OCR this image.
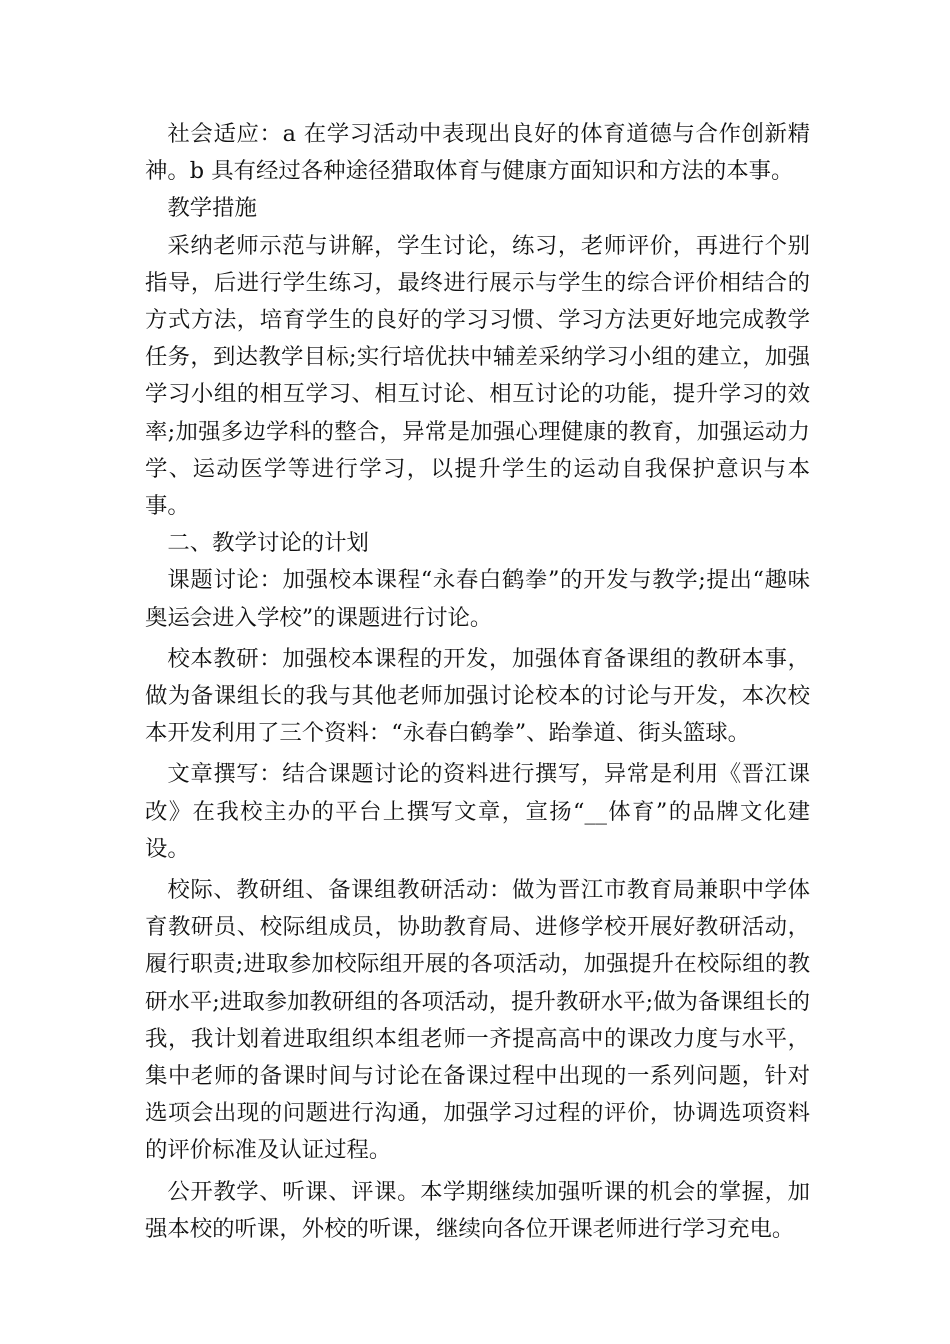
社会适应：a 在学习活动中表现出良好的体育道德与合作创新精神。b 具有经过各种途径猎取体育与健康方面知识和方法的本事。

教学措施

采纳老师示范与讲解，学生讨论，练习，老师评价，再进行个别指导，后进行学生练习，最终进行展示与学生的综合评价相结合的方式方法，培育学生的良好的学习习惯、学习方法更好地完成教学任务，到达教学目标;实行培优扶中辅差采纳学习小组的建立，加强学习小组的相互学习、相互讨论、相互讨论的功能，提升学习的效率;加强多边学科的整合，异常是加强心理健康的教育，加强运动力学、运动医学等进行学习，以提升学生的运动自我保护意识与本事。

二、教学讨论的计划

课题讨论：加强校本课程“永春白鹤拳”的开发与教学;提出“趣味奥运会进入学校”的课题进行讨论。

校本教研：加强校本课程的开发，加强体育备课组的教研本事，做为备课组长的我与其他老师加强讨论校本的讨论与开发，本次校本开发利用了三个资料：“永春白鹤拳”、跆拳道、街头篮球。

文章撰写：结合课题讨论的资料进行撰写，异常是利用《晋江课改》在我校主办的平台上撰写文章，宣扬“__体育”的品牌文化建设。

校际、教研组、备课组教研活动：做为晋江市教育局兼职中学体育教研员、校际组成员，协助教育局、进修学校开展好教研活动，履行职责;进取参加校际组开展的各项活动，加强提升在校际组的教研水平;进取参加教研组的各项活动，提升教研水平;做为备课组长的我，我计划着进取组织本组老师一齐提高高中的课改力度与水平，集中老师的备课时间与讨论在备课过程中出现的一系列问题，针对选项会出现的问题进行沟通，加强学习过程的评价，协调选项资料的评价标准及认证过程。

公开教学、听课、评课。本学期继续加强听课的机会的掌握，加强本校的听课，外校的听课，继续向各位开课老师进行学习充电。
